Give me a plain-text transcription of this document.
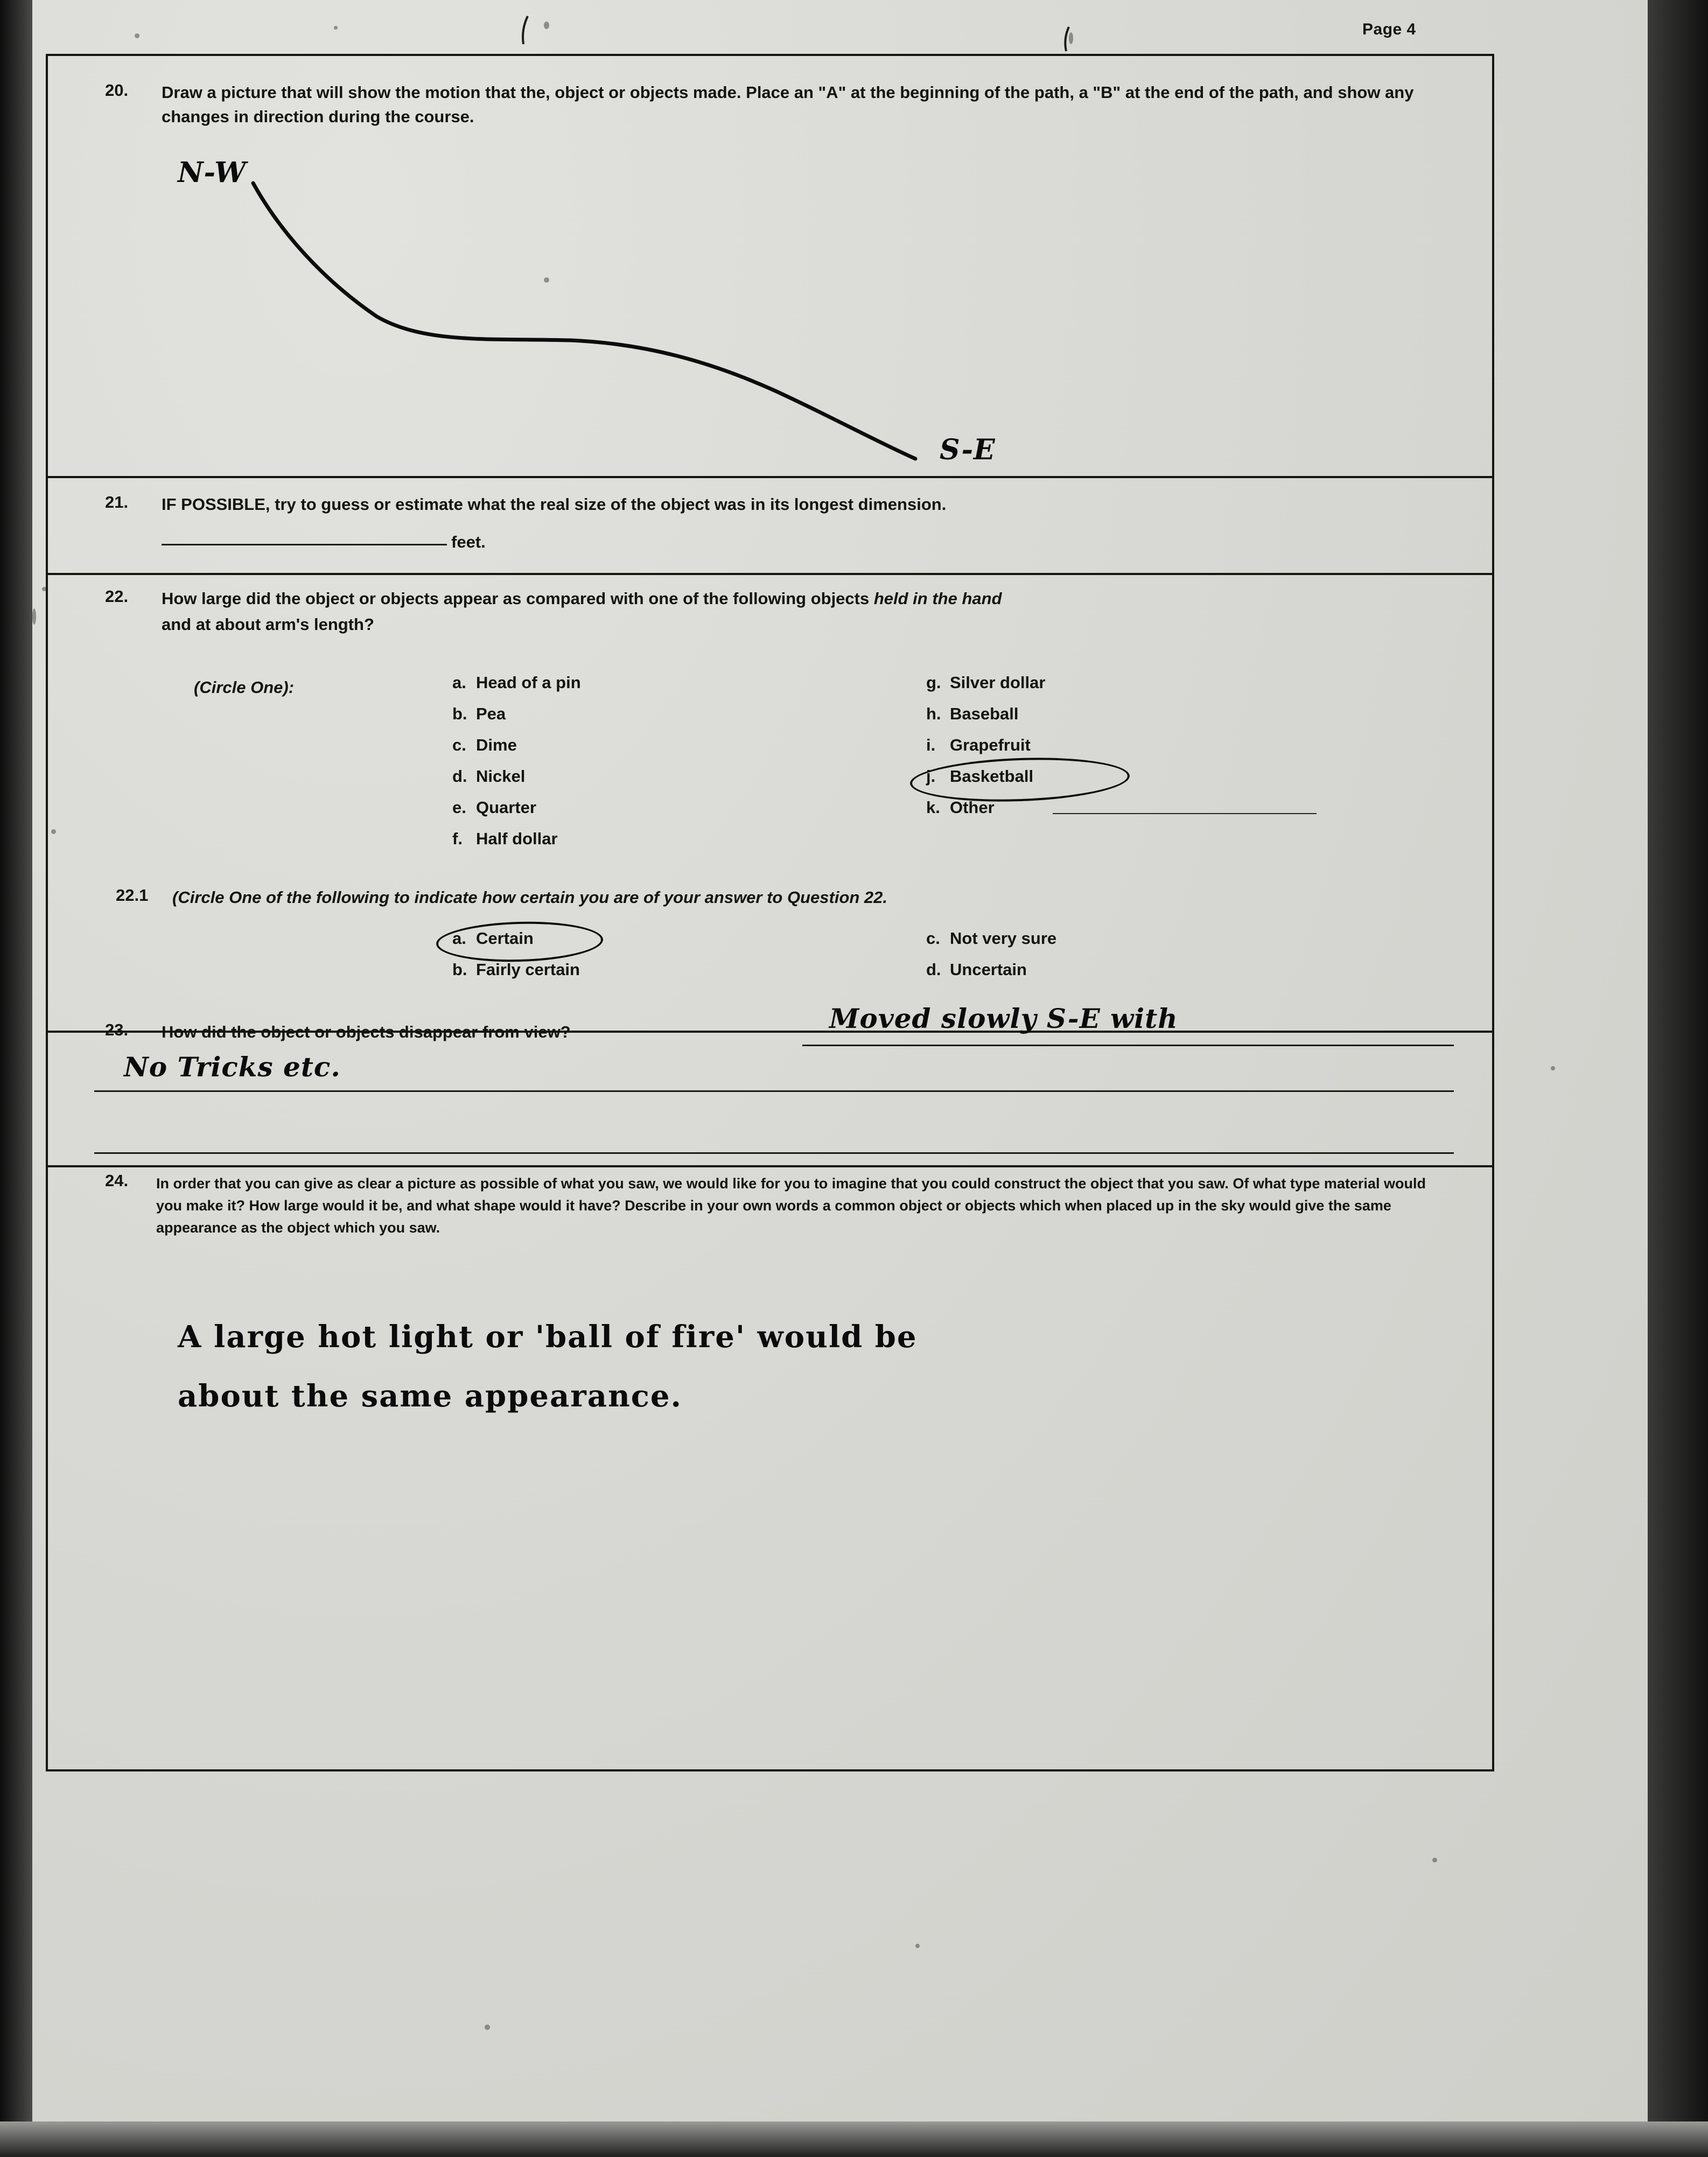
Page 4
20. Draw a picture that will show the motion that the, object or objects made. Place an "A" at the beginning of the path, a "B" at the end of the path, and show any changes in direction during the course.
N-W
S-E
21. IF POSSIBLE, try to guess or estimate what the real size of the object was in its longest dimension.
feet.
22. How large did the object or objects appear as compared with one of the following objects held in the hand
and at about arm's length?
(Circle One):	a. Head of a pin
b. Pea
c. Dime
d. Nickel
e. Quarter
f. Half dollar
g. Silver dollar
h. Baseball
i. Grapefruit
j. Basketball
k. Other
22.1 (Circle One of the following to indicate how certain you are of your answer to Question 22.
a. Certain
b. Fairly certain
c. Not very sure
d. Uncertain
23. How did the object or objects disappear from view?	Moved slowly S-E with
No Tricks etc.
24. In order that you can give as clear a picture as possible of what you saw, we would like for you to imagine that you could construct the object that you saw. Of what type material would you make it? How large would it be, and what shape would it have? Describe in your own words a common object or objects which when placed up in the sky would give the same appearance as the object which you saw.
A large hot light or 'ball of fire' would be
about the same appearance.
